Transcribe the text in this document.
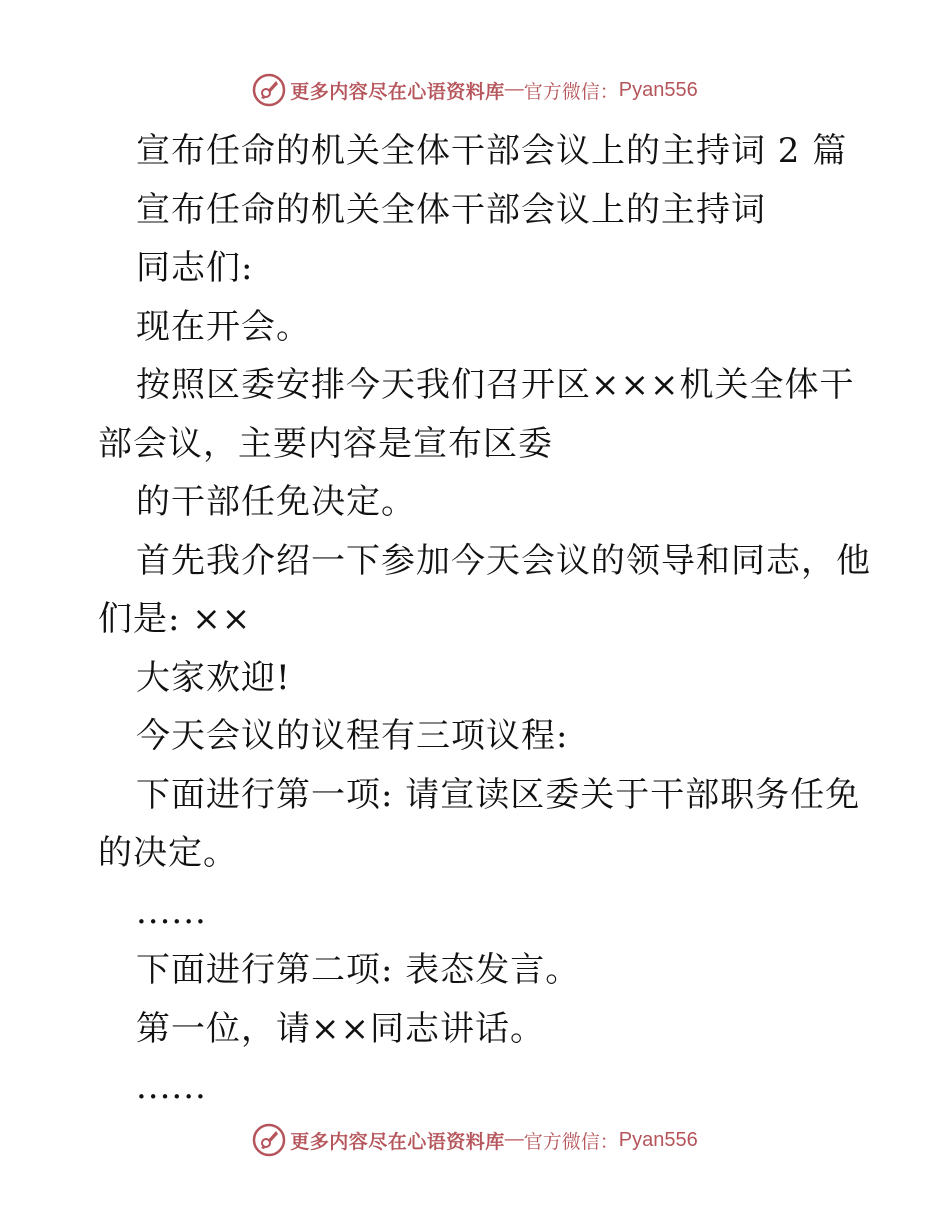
更多内容尽在心语资料库 — 官方微信： Pyan556
宣布任命的机关全体干部会议上的主持词 2 篇
宣布任命的机关全体干部会议上的主持词
同志们:
现在开会。
按照区委安排今天我们召开区×××机关全体干
部会议，主要内容是宣布区委
的干部任免决定。
首先我介绍一下参加今天会议的领导和同志，他
们是: ××
大家欢迎!
今天会议的议程有三项议程:
下面进行第一项: 请宣读区委关于干部职务任免
的决定。
......
下面进行第二项: 表态发言。
第一位，请××同志讲话。
......
更多内容尽在心语资料库 — 官方微信： Pyan556
